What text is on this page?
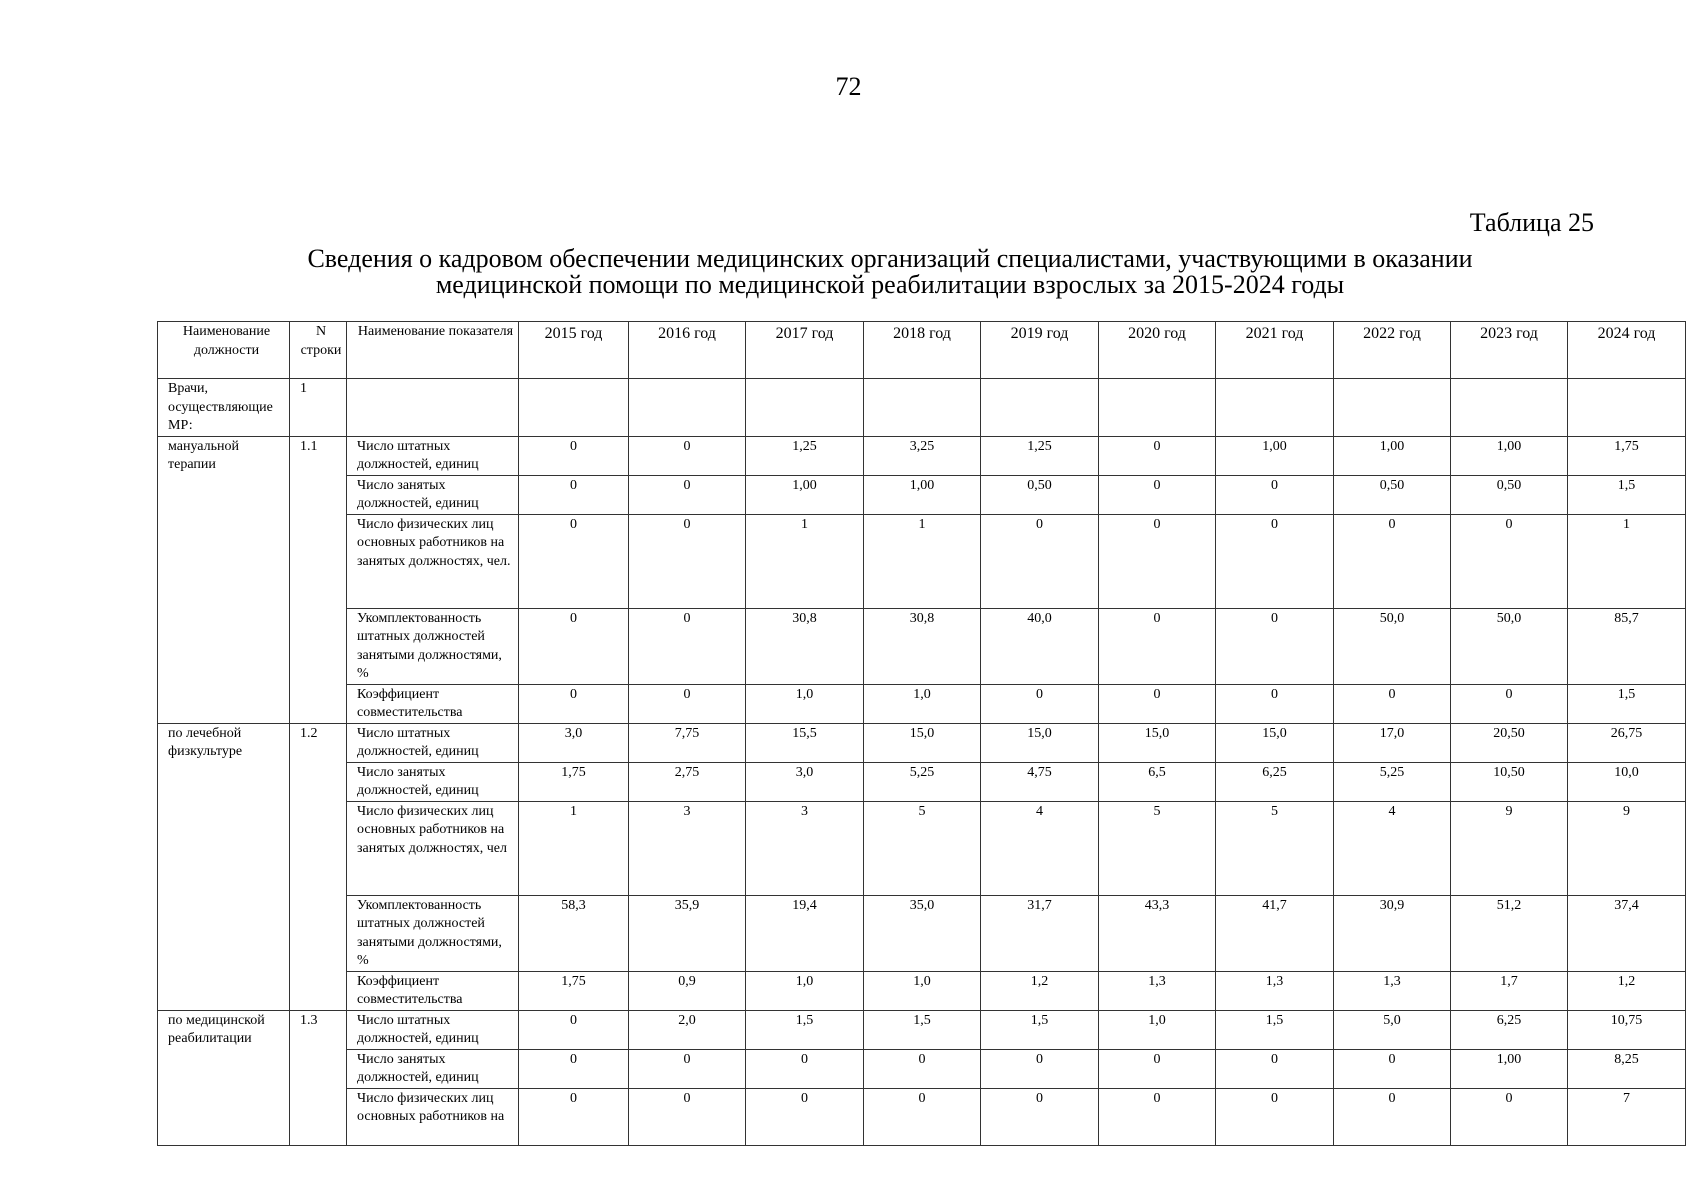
72
Таблица 25
Сведения о кадровом обеспечении медицинских организаций специалистами, участвующими в оказании
медицинской помощи по медицинской реабилитации взрослых за 2015-2024 годы
Наименование должности	N строки	Наименование показателя	2015 год	2016 год	2017 год	2018 год	2019 год	2020 год	2021 год	2022 год	2023 год	2024 год
Врачи, осуществляющие МР:	1											
мануальной терапии	1.1	Число штатных должностей, единиц	0	0	1,25	3,25	1,25	0	1,00	1,00	1,00	1,75
		Число занятых должностей, единиц	0	0	1,00	1,00	0,50	0	0	0,50	0,50	1,5
		Число физических лиц основных работников на занятых должностях, чел.	0	0	1	1	0	0	0	0	0	1
		Укомплектованность штатных должностей занятыми должностями, %	0	0	30,8	30,8	40,0	0	0	50,0	50,0	85,7
		Коэффициент совместительства	0	0	1,0	1,0	0	0	0	0	0	1,5
по лечебной физкультуре	1.2	Число штатных должностей, единиц	3,0	7,75	15,5	15,0	15,0	15,0	15,0	17,0	20,50	26,75
		Число занятых должностей, единиц	1,75	2,75	3,0	5,25	4,75	6,5	6,25	5,25	10,50	10,0
		Число физических лиц основных работников на занятых должностях, чел	1	3	3	5	4	5	5	4	9	9
		Укомплектованность штатных должностей занятыми должностями, %	58,3	35,9	19,4	35,0	31,7	43,3	41,7	30,9	51,2	37,4
		Коэффициент совместительства	1,75	0,9	1,0	1,0	1,2	1,3	1,3	1,3	1,7	1,2
по медицинской реабилитации	1.3	Число штатных должностей, единиц	0	2,0	1,5	1,5	1,5	1,0	1,5	5,0	6,25	10,75
		Число занятых должностей, единиц	0	0	0	0	0	0	0	0	1,00	8,25
		Число физических лиц основных работников на	0	0	0	0	0	0	0	0	0	7
